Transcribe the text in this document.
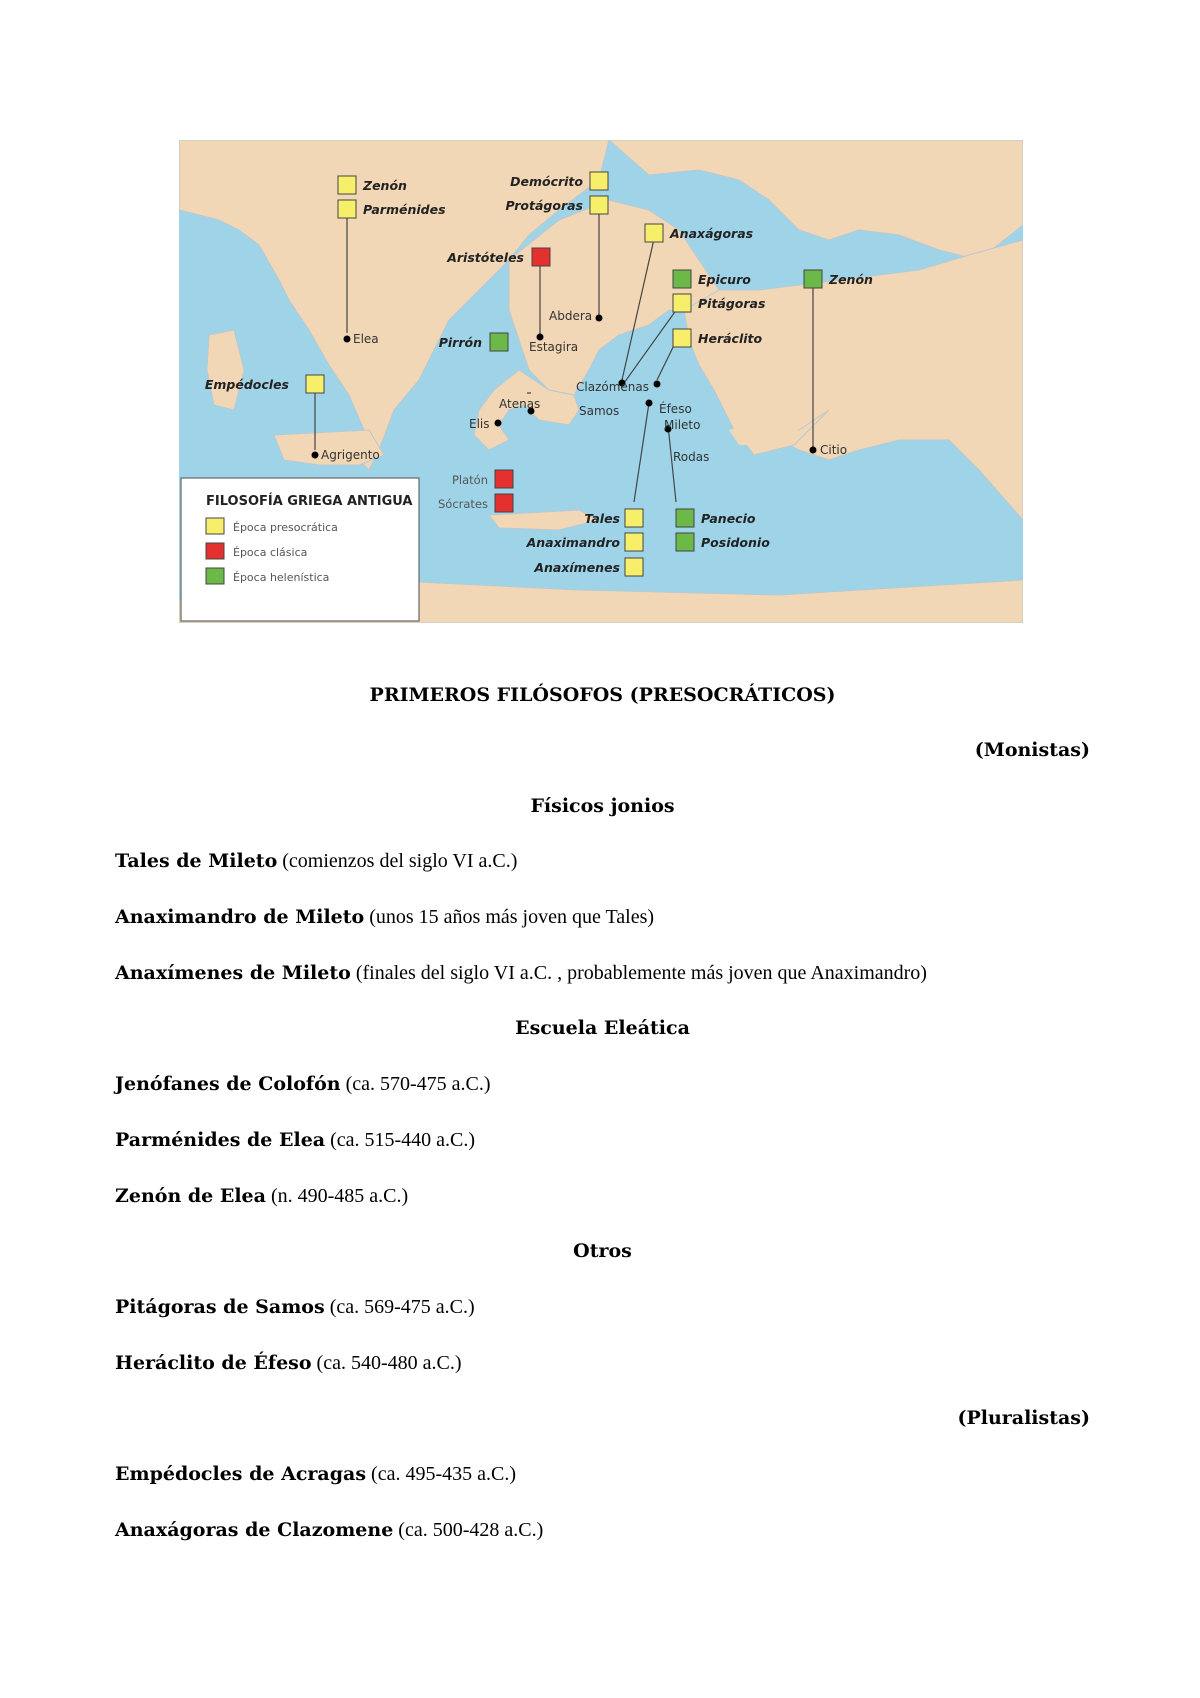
Elea
Agrigento
Abdera
Estagira
Clazómenas
Atenas
Elis
Samos	Éfeso
Mileto
Rodas	Citio
Zenón
Parménides
Demócrito
Protágoras
Anaxágoras
Aristóteles
Epicuro
Pitágoras
Zenón
Heráclito
Pirrón
Empédocles
Tales
Anaximandro
Anaxímenes
Panecio
Posidonio
Platón
Sócrates
FILOSOFÍA GRIEGA ANTIGUA
Época presocrática
Época clásica
Época helenística
PRIMEROS FILÓSOFOS (PRESOCRÁTICOS)
(Monistas)
Físicos jonios
Tales de Mileto (comienzos del siglo VI a.C.)
Anaximandro de Mileto (unos 15 años más joven que Tales)
Anaxímenes de Mileto (finales del siglo VI a.C. , probablemente más joven que Anaximandro)
Escuela Eleática
Jenófanes de Colofón (ca. 570-475 a.C.)
Parménides de Elea (ca. 515-440 a.C.)
Zenón de Elea (n. 490-485 a.C.)
Otros
Pitágoras de Samos (ca. 569-475 a.C.)
Heráclito de Éfeso (ca. 540-480 a.C.)
(Pluralistas)
Empédocles de Acragas (ca. 495-435 a.C.)
Anaxágoras de Clazomene (ca. 500-428 a.C.)
